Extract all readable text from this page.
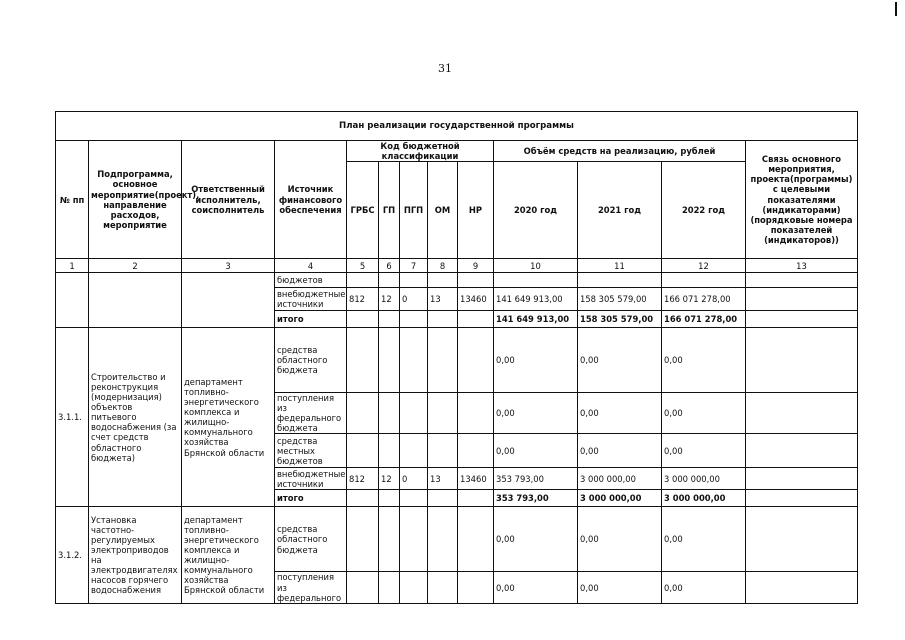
31
План реализации государственной программы												
№ пп	Подпрограмма, основное мероприятие(проект), направление расходов, мероприятие	Ответственный исполнитель, соисполнитель	Источник финансового обеспечения	Код бюджетной классификации					Объём средств на реализацию, рублей			Связь основного мероприятия, проекта(программы) с целевыми показателями (индикаторами) (порядковые номера показателей (индикаторов))
				ГРБС	ГП	ПГП	ОМ	НР	2020 год	2021 год	2022 год	
1	2	3	4	5	6	7	8	9	10	11	12	13
			бюджетов									
			внебюджетные источники	812	12	0	13	13460	141 649 913,00	158 305 579,00	166 071 278,00	
			итого						141 649 913,00	158 305 579,00	166 071 278,00	
3.1.1.	Строительство и реконструкция (модернизация) объектов питьевого водоснабжения (за счет средств областного бюджета)	департамент топливно-энергетического комплекса и жилищно-коммунального хозяйства Брянской области	средства областного бюджета						0,00	0,00	0,00	
			поступления из федерального бюджета						0,00	0,00	0,00	
			средства местных бюджетов						0,00	0,00	0,00	
			внебюджетные источники	812	12	0	13	13460	353 793,00	3 000 000,00	3 000 000,00	
			итого						353 793,00	3 000 000,00	3 000 000,00	
3.1.2.	Установка частотно-регулируемых электроприводов на электродвигателях насосов горячего водоснабжения	департамент топливно-энергетического комплекса и жилищно-коммунального хозяйства Брянской области	средства областного бюджета						0,00	0,00	0,00	
			поступления из федерального						0,00	0,00	0,00	
